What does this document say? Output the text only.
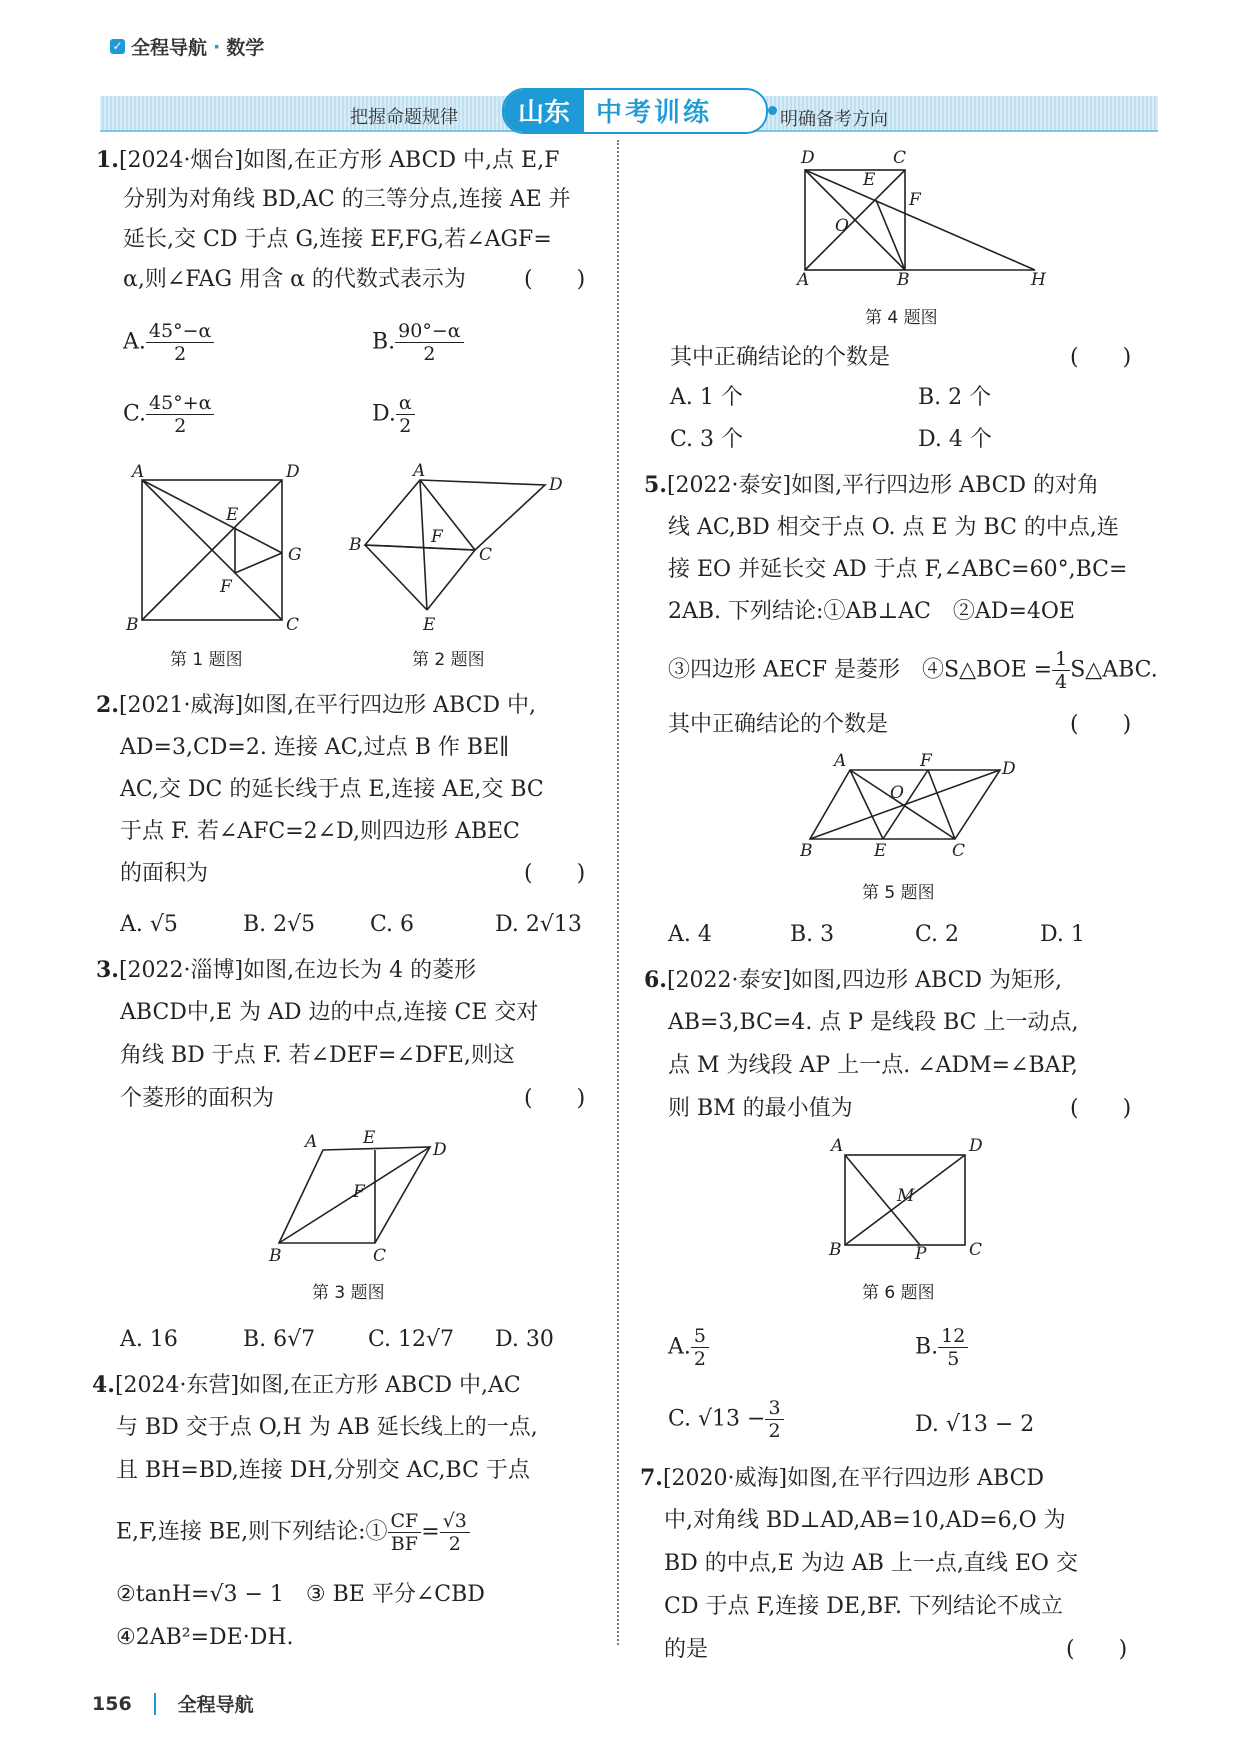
✓ 全程导航 · 数学
把握命题规律	山东	中考训练	明确备考方向
1.[2024·烟台]如图,在正方形 ABCD 中,点 E,F
分别为对角线 BD,AC 的三等分点,连接 AE 并
延长,交 CD 于点 G,连接 EF,FG,若∠AGF=
α,则∠FAG 用含 α 的代数式表示为	(　　)
A. $\frac{45^\circ-\alpha}{2}$	B. $\frac{90^\circ-\alpha}{2}$
C. $\frac{45^\circ+\alpha}{2}$	D. $\frac{\alpha}{2}$
A	D
B	C
E
F
G
第 1 题图
A
D
B	C
F
E
第 2 题图
2.[2021·威海]如图,在平行四边形 ABCD 中,
AD=3,CD=2. 连接 AC,过点 B 作 BE∥
AC,交 DC 的延长线于点 E,连接 AE,交 BC
于点 F. 若∠AFC=2∠D,则四边形 ABEC
的面积为	(　　)
A. √5	B. 2√5 C. 6	D. 2√13
3.[2022·淄博]如图,在边长为 4 的菱形
ABCD中,E 为 AD 边的中点,连接 CE 交对
角线 BD 于点 F. 若∠DEF=∠DFE,则这
个菱形的面积为	(　　)
A	E
D
F
B	C
第 3 题图
A. 16	B. 6√7 C. 12√7 D. 30
4.[2024·东营]如图,在正方形 ABCD 中,AC
与 BD 交于点 O,H 为 AB 延长线上的一点,
且 BH=BD,连接 DH,分别交 AC,BC 于点
E,F,连接 BE,则下列结论:① $\frac{CF}{BF} = \frac{√3}{2}$
②tanH=√3 − 1　③ BE 平分∠CBD
④2AB²=DE·DH.
D	C
E
F
O
A	B	H
第 4 题图
其中正确结论的个数是	(　　)
A. 1 个	B. 2 个
C. 3 个	D. 4 个
5.[2022·泰安]如图,平行四边形 ABCD 的对角
线 AC,BD 相交于点 O. 点 E 为 BC 的中点,连
接 EO 并延长交 AD 于点 F,∠ABC=60°,BC=
2AB. 下列结论:①AB⊥AC　②AD=4OE
③四边形 AECF 是菱形　④S△BOE = $\frac{1}{4}$ S△ABC.
其中正确结论的个数是	(　　)
A	F	D
O
B	E	C
第 5 题图
A. 4	B. 3	C. 2	D. 1
6.[2022·泰安]如图,四边形 ABCD 为矩形,
AB=3,BC=4. 点 P 是线段 BC 上一动点,
点 M 为线段 AP 上一点. ∠ADM=∠BAP,
则 BM 的最小值为	(　　)
A	D
M
B	P	C
第 6 题图
A. $\frac{5}{2}$	B. $\frac{12}{5}$
C. $√13 - \frac{3}{2}$	D. √13 − 2
7.[2020·威海]如图,在平行四边形 ABCD
中,对角线 BD⊥AD,AB=10,AD=6,O 为
BD 的中点,E 为边 AB 上一点,直线 EO 交
CD 于点 F,连接 DE,BF. 下列结论不成立
的是	(　　)
156 全程导航
